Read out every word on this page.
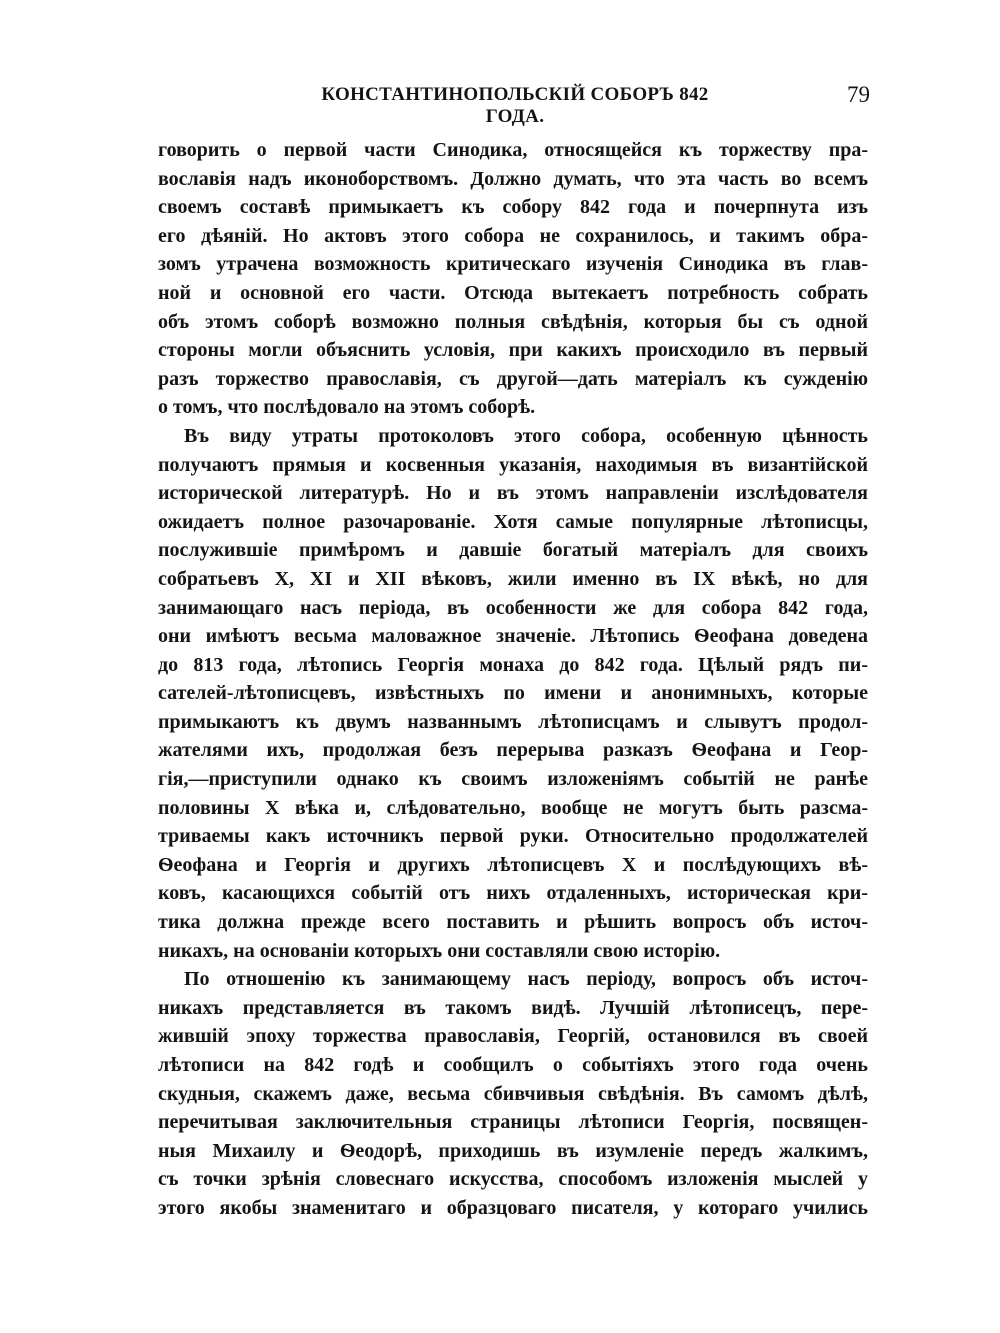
КОНСТАНТИНОПОЛЬСКІЙ СОБОРЪ 842 ГОДА.
79
говорить о первой части Синодика, относящейся къ торжеству пра-
вославія надъ иконоборствомъ. Должно думать, что эта часть во всемъ
своемъ составѣ примыкаетъ къ собору 842 года и почерпнута изъ
его дѣяній. Но актовъ этого собора не сохранилось, и такимъ обра-
зомъ утрачена возможность критическаго изученія Синодика въ глав-
ной и основной его части. Отсюда вытекаетъ потребность собрать
объ этомъ соборѣ возможно полныя свѣдѣнія, которыя бы съ одной
стороны могли объяснить условія, при какихъ происходило въ первый
разъ торжество православія, съ другой—дать матеріалъ къ сужденію
о томъ, что послѣдовало на этомъ соборѣ.
Въ виду утраты протоколовъ этого собора, особенную цѣнность
получаютъ прямыя и косвенныя указанія, находимыя въ византійской
исторической литературѣ. Но и въ этомъ направленіи изслѣдователя
ожидаетъ полное разочарованіе. Хотя самые популярные лѣтописцы,
послужившіе примѣромъ и давшіе богатый матеріалъ для своихъ
собратьевъ X, XI и XII вѣковъ, жили именно въ IX вѣкѣ, но для
занимающаго насъ періода, въ особенности же для собора 842 года,
они имѣютъ весьма маловажное значеніе. Лѣтопись Ѳеофана доведена
до 813 года, лѣтопись Георгія монаха до 842 года. Цѣлый рядъ пи-
сателей-лѣтописцевъ, извѣстныхъ по имени и анонимныхъ, которые
примыкаютъ къ двумъ названнымъ лѣтописцамъ и слывутъ продол-
жателями ихъ, продолжая безъ перерыва разказъ Ѳеофана и Геор-
гія,—приступили однако къ своимъ изложеніямъ событій не ранѣе
половины X вѣка и, слѣдовательно, вообще не могутъ быть разсма-
триваемы какъ источникъ первой руки. Относительно продолжателей
Ѳеофана и Георгія и другихъ лѣтописцевъ X и послѣдующихъ вѣ-
ковъ, касающихся событій отъ нихъ отдаленныхъ, историческая кри-
тика должна прежде всего поставить и рѣшить вопросъ объ источ-
никахъ, на основаніи которыхъ они составляли свою исторію.
По отношенію къ занимающему насъ періоду, вопросъ объ источ-
никахъ представляется въ такомъ видѣ. Лучшій лѣтописецъ, пере-
жившій эпоху торжества православія, Георгій, остановился въ своей
лѣтописи на 842 годѣ и сообщилъ о событіяхъ этого года очень
скудныя, скажемъ даже, весьма сбивчивыя свѣдѣнія. Въ самомъ дѣлѣ,
перечитывая заключительныя страницы лѣтописи Георгія, посвящен-
ныя Михаилу и Ѳеодорѣ, приходишь въ изумленіе передъ жалкимъ,
съ точки зрѣнія словеснаго искусства, способомъ изложенія мыслей у
этого якобы знаменитаго и образцоваго писателя, у котораго учились
